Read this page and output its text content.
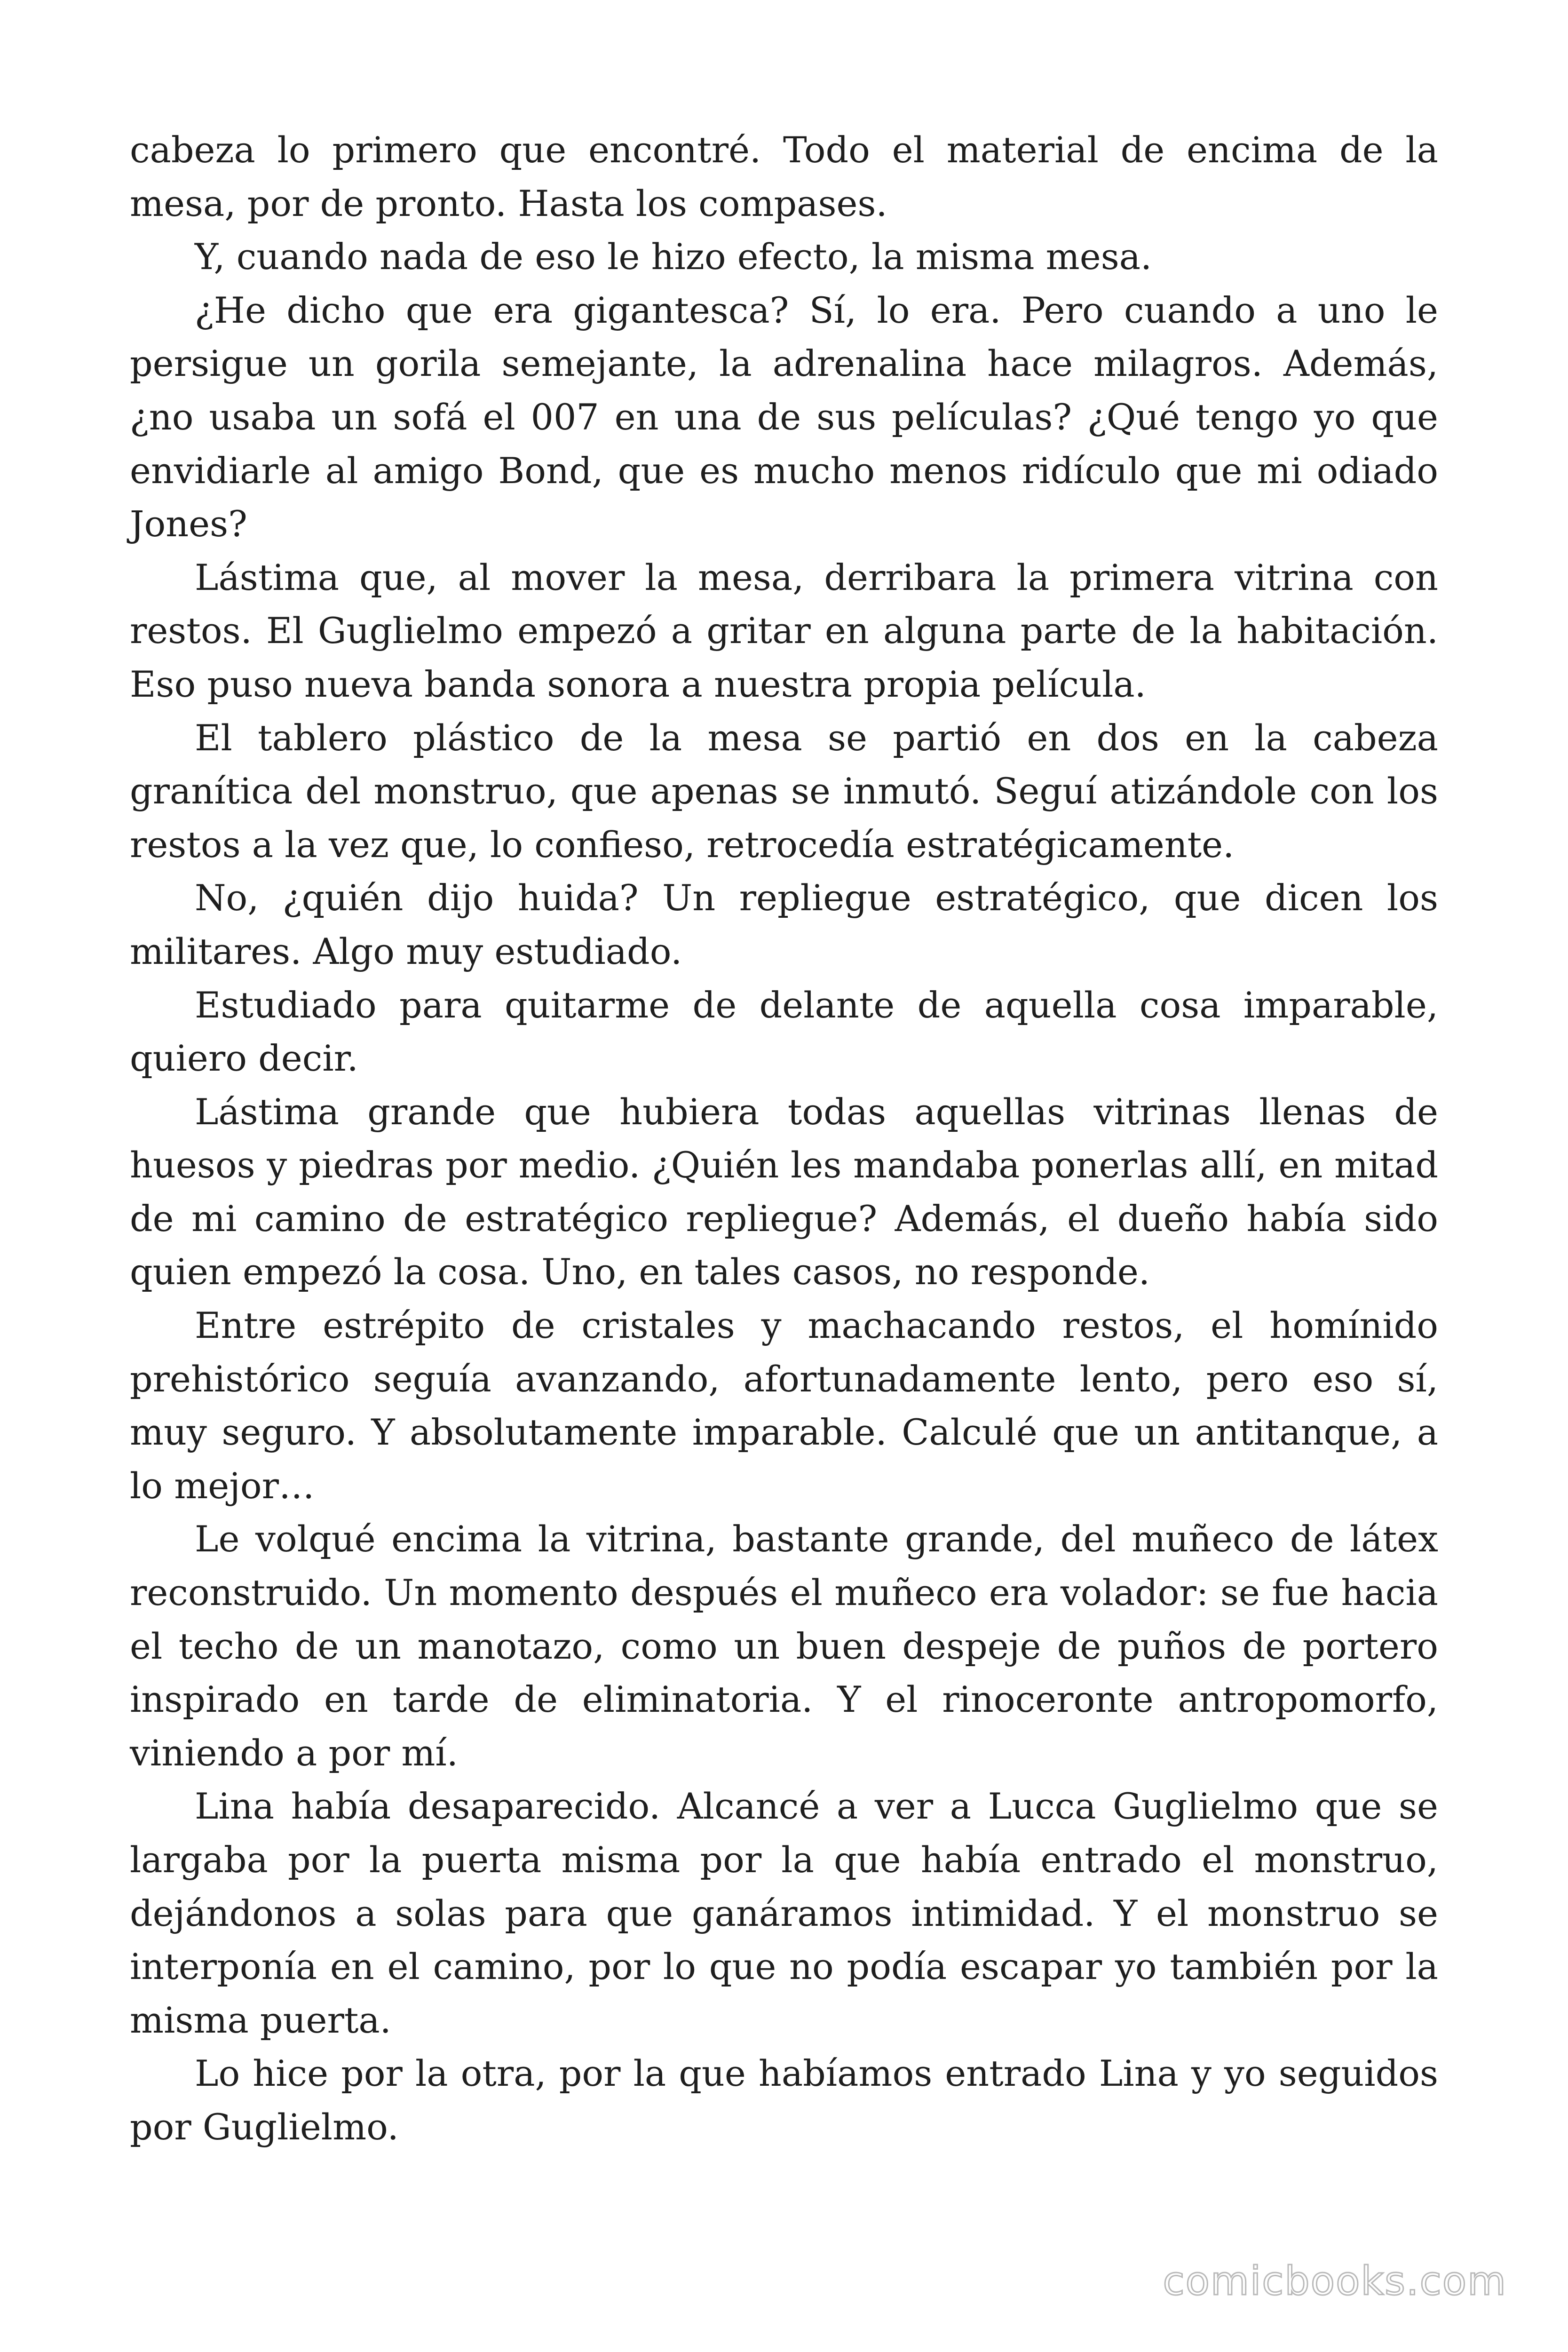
cabeza lo primero que encontré. Todo el material de encima de la mesa, por de pronto. Hasta los compases.

Y, cuando nada de eso le hizo efecto, la misma mesa.

¿He dicho que era gigantesca? Sí, lo era. Pero cuando a uno le persigue un gorila semejante, la adrenalina hace milagros. Además, ¿no usaba un sofá el 007 en una de sus películas? ¿Qué tengo yo que envidiarle al amigo Bond, que es mucho menos ridículo que mi odiado Jones?

Lástima que, al mover la mesa, derribara la primera vitrina con restos. El Guglielmo empezó a gritar en alguna parte de la habitación. Eso puso nueva banda sonora a nuestra propia película.

El tablero plástico de la mesa se partió en dos en la cabeza granítica del monstruo, que apenas se inmutó. Seguí atizándole con los restos a la vez que, lo confieso, retrocedía estratégicamente.

No, ¿quién dijo huida? Un repliegue estratégico, que dicen los militares. Algo muy estudiado.

Estudiado para quitarme de delante de aquella cosa imparable, quiero decir.

Lástima grande que hubiera todas aquellas vitrinas llenas de huesos y piedras por medio. ¿Quién les mandaba ponerlas allí, en mitad de mi camino de estratégico repliegue? Además, el dueño había sido quien empezó la cosa. Uno, en tales casos, no responde.

Entre estrépito de cristales y machacando restos, el homínido prehistórico seguía avanzando, afortunadamente lento, pero eso sí, muy seguro. Y absolutamente imparable. Calculé que un antitanque, a lo mejor…

Le volqué encima la vitrina, bastante grande, del muñeco de látex reconstruido. Un momento después el muñeco era volador: se fue hacia el techo de un manotazo, como un buen despeje de puños de portero inspirado en tarde de eliminatoria. Y el rinoceronte antropomorfo, viniendo a por mí.

Lina había desaparecido. Alcancé a ver a Lucca Guglielmo que se largaba por la puerta misma por la que había entrado el monstruo, dejándonos a solas para que ganáramos intimidad. Y el monstruo se interponía en el camino, por lo que no podía escapar yo también por la misma puerta.

Lo hice por la otra, por la que habíamos entrado Lina y yo seguidos por Guglielmo.

comicbooks.com
